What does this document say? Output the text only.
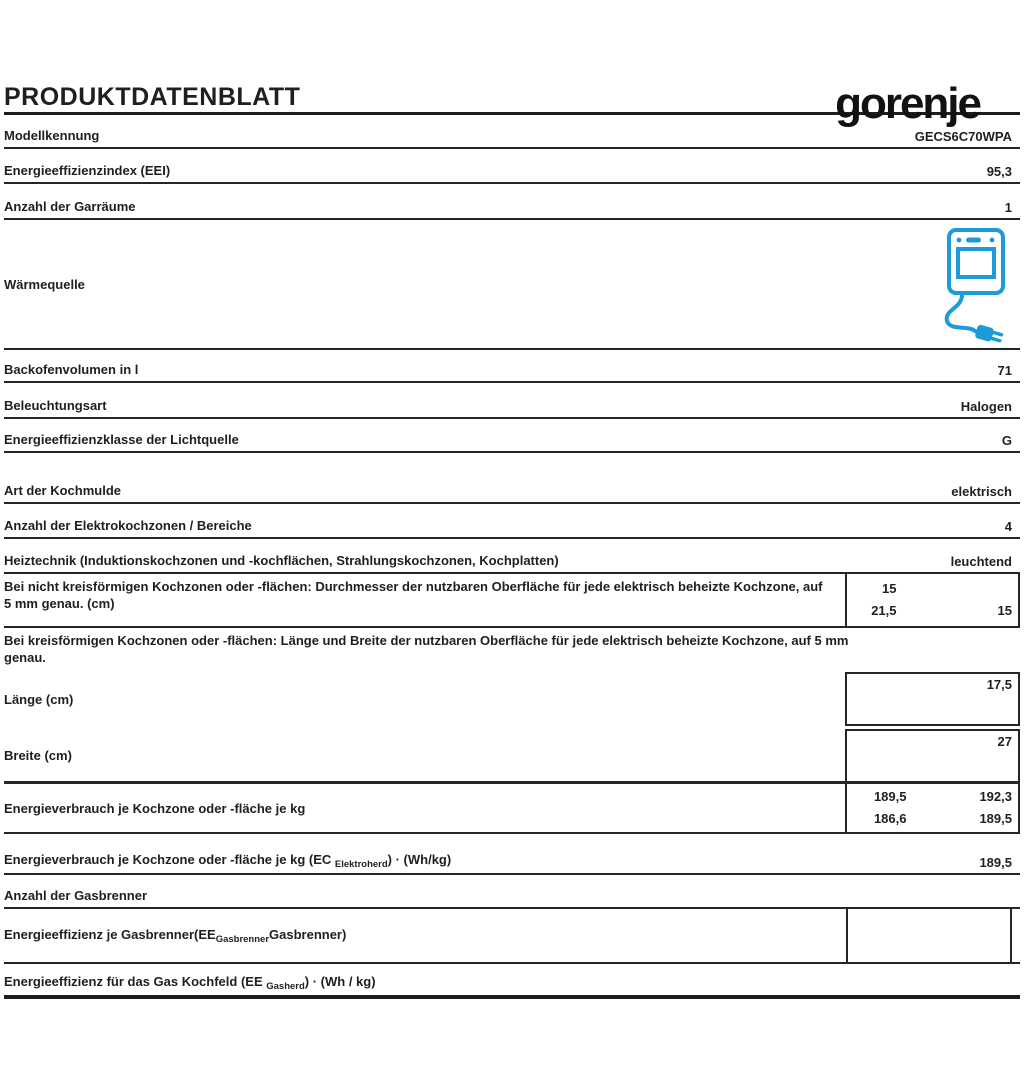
gorenje
PRODUKTDATENBLATT
Modellkennung	GECS6C70WPA
Energieeffizienzindex (EEI)	95,3
Anzahl der Garräume	1
Wärmequelle
Backofenvolumen in l	71
Beleuchtungsart	Halogen
Energieeffizienzklasse der Lichtquelle	G
Art der Kochmulde	elektrisch
Anzahl der Elektrokochzonen / Bereiche	4
Heiztechnik (Induktionskochzonen und -kochflächen, Strahlungskochzonen, Kochplatten)	leuchtend
Bei nicht kreisförmigen Kochzonen oder -flächen: Durchmesser der nutzbaren Oberfläche für jede elektrisch beheizte Kochzone, auf 5 mm genau. (cm)
15
21,5	15
Bei kreisförmigen Kochzonen oder -flächen: Länge und Breite der nutzbaren Oberfläche für jede elektrisch beheizte Kochzone, auf 5 mm genau.
Länge (cm)
17,5
Breite (cm)
27
Energieverbrauch je Kochzone oder -fläche je kg
189,5	192,3
186,6	189,5
Energieverbrauch je Kochzone oder -fläche je kg (EC $_{Elektroherd}$) · (Wh/kg)	189,5
Anzahl der Gasbrenner
Energieeffizienz je $Gasbrenner(EE_{Gasbrenner}Gasbrenner)$
Energieeffizienz für das Gas Kochfeld (EE $_{Gasherd}$) · (Wh / kg)
